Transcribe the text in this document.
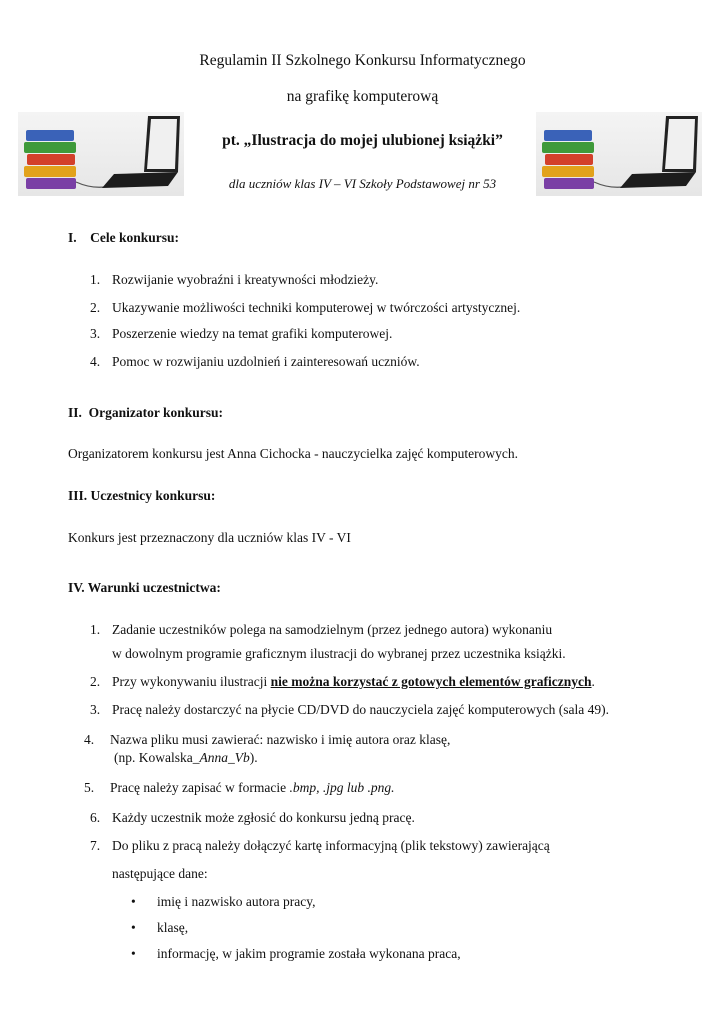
Regulamin II Szkolnego Konkursu Informatycznego
na grafikę komputerową
pt. „Ilustracja do mojej ulubionej książki”
dla uczniów klas IV – VI Szkoły Podstawowej nr 53
I.    Cele konkursu:
1. Rozwijanie wyobraźni i kreatywności młodzieży.
2. Ukazywanie możliwości techniki komputerowej w twórczości artystycznej.
3. Poszerzenie wiedzy na temat grafiki komputerowej.
4. Pomoc w rozwijaniu uzdolnień i zainteresowań uczniów.
II.  Organizator konkursu:
Organizatorem konkursu jest Anna Cichocka - nauczycielka zajęć komputerowych.
III. Uczestnicy konkursu:
Konkurs jest przeznaczony dla uczniów klas IV - VI
IV. Warunki uczestnictwa:
1. Zadanie uczestników polega na samodzielnym (przez jednego autora) wykonaniu
w dowolnym programie graficznym ilustracji do wybranej przez uczestnika książki.
2. Przy wykonywaniu ilustracji nie można korzystać z gotowych elementów graficznych.
3. Pracę należy dostarczyć na płycie CD/DVD do nauczyciela zajęć komputerowych (sala 49).
4. Nazwa pliku musi zawierać: nazwisko i imię autora oraz klasę,
(np. Kowalska_Anna_Vb).
5. Pracę należy zapisać w formacie .bmp, .jpg lub .png.
6. Każdy uczestnik może zgłosić do konkursu jedną pracę.
7. Do pliku z pracą należy dołączyć kartę informacyjną (plik tekstowy) zawierającą
następujące dane:
• imię i nazwisko autora pracy,
• klasę,
• informację, w jakim programie została wykonana praca,
